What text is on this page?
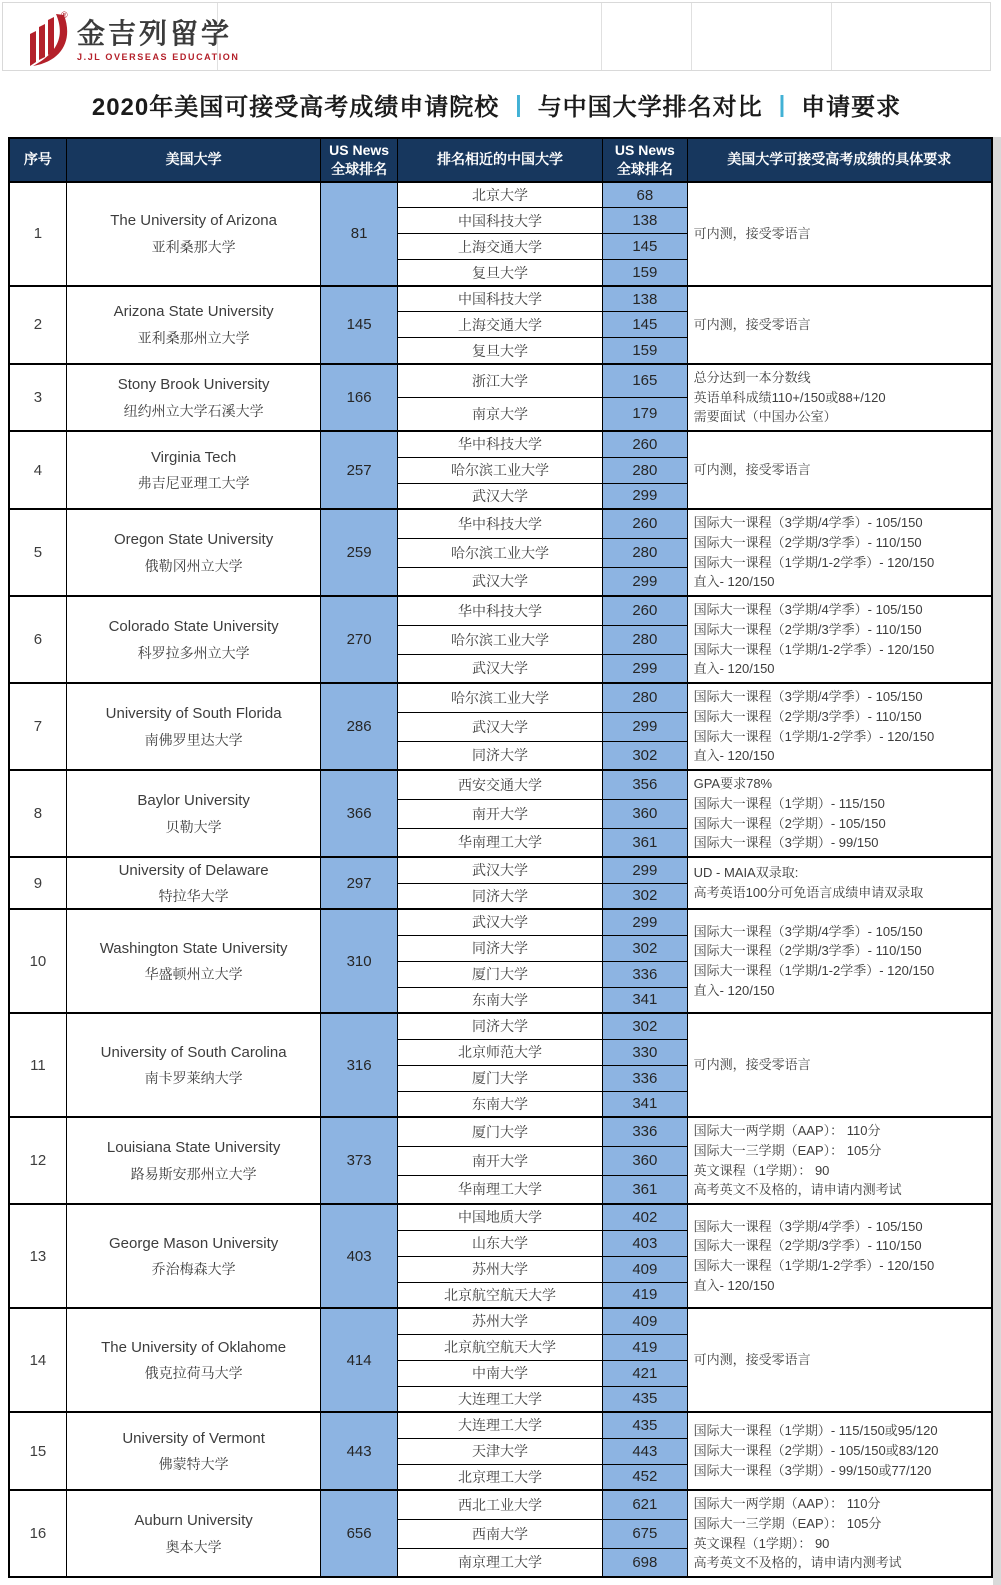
®
金吉列留学
J.JL OVERSEAS EDUCATION
2020年美国可接受高考成绩申请院校 | 与中国大学排名对比 | 申请要求
序号	美国大学	
US News
全球排名
	排名相近的中国大学	
US News
全球排名
	美国大学可接受高考成绩的具体要求
1	The University of Arizona
亚利桑那大学	81	北京大学	68	可内测，接受零语言

			中国科技大学	138	
			上海交通大学	145	
			复旦大学	159	
2	Arizona State University
亚利桑那州立大学	145	中国科技大学	138	可内测，接受零语言

			上海交通大学	145	
			复旦大学	159	
3	
Stony Brook University
纽约州立大学石溪大学
	166	浙江大学	165	总分达到一本分数线
英语单科成绩110+/150或88+/120
需要面试（中国办公室）

			南京大学	179	
4	Virginia Tech
弗吉尼亚理工大学	257	华中科技大学	260	可内测，接受零语言

			哈尔滨工业大学	280	
			武汉大学	299	
5	
Oregon State University
俄勒冈州立大学
	259	华中科技大学	260	国际大一课程（3学期/4学季）- 105/150
国际大一课程（2学期/3学季）- 110/150
国际大一课程（1学期/1-2学季）- 120/150
直入- 120/150

			哈尔滨工业大学	280	
			武汉大学	299	
6	
Colorado State University
科罗拉多州立大学
	270	华中科技大学	260	国际大一课程（3学期/4学季）- 105/150
国际大一课程（2学期/3学季）- 110/150
国际大一课程（1学期/1-2学季）- 120/150
直入- 120/150

			哈尔滨工业大学	280	
			武汉大学	299	
7	
University of South Florida
南佛罗里达大学
	286	哈尔滨工业大学	280	国际大一课程（3学期/4学季）- 105/150
国际大一课程（2学期/3学季）- 110/150
国际大一课程（1学期/1-2学季）- 120/150
直入- 120/150

			武汉大学	299	
			同济大学	302	
8	
Baylor University
贝勒大学
	366	西安交通大学	356	GPA要求78%
国际大一课程（1学期）- 115/150
国际大一课程（2学期）- 105/150
国际大一课程（3学期）- 99/150

			南开大学	360	
			华南理工大学	361	
9	
University of Delaware
特拉华大学
	297	武汉大学	299	UD - MAIA双录取:
高考英语100分可免语言成绩申请双录取

			同济大学	302	
10	
Washington State University
华盛顿州立大学
	310	武汉大学	299	
国际大一课程（3学期/4学季）- 105/150
国际大一课程（2学期/3学季）- 110/150
国际大一课程（1学期/1-2学季）- 120/150
直入- 120/150

			同济大学	302	
			厦门大学	336	
			东南大学	341	
11	University of South Carolina
南卡罗莱纳大学	316	同济大学	302	可内测，接受零语言

			北京师范大学	330	
			厦门大学	336	
			东南大学	341	
12	
Louisiana State University
路易斯安那州立大学
	373	厦门大学	336	国际大一两学期（AAP）： 110分
国际大一三学期（EAP）： 105分
英文课程（1学期）： 90
高考英文不及格的，请申请内测考试

			南开大学	360	
			华南理工大学	361	
13	
George Mason University
乔治梅森大学
	403	中国地质大学	402	
国际大一课程（3学期/4学季）- 105/150
国际大一课程（2学期/3学季）- 110/150
国际大一课程（1学期/1-2学季）- 120/150
直入- 120/150

			山东大学	403	
			苏州大学	409	
			北京航空航天大学	419	
14	The University of Oklahome
俄克拉荷马大学	414	苏州大学	409	可内测，接受零语言

			北京航空航天大学	419	
			中南大学	421	
			大连理工大学	435	
15	
University of Vermont
佛蒙特大学
	443	大连理工大学	435	国际大一课程（1学期）- 115/150或95/120
国际大一课程（2学期）- 105/150或83/120
国际大一课程（3学期）- 99/150或77/120

			天津大学	443	
			北京理工大学	452	
16	
Auburn University
奥本大学
	656	西北工业大学	621	国际大一两学期（AAP）： 110分
国际大一三学期（EAP）： 105分
英文课程（1学期）： 90
高考英文不及格的，请申请内测考试

			西南大学	675	
			南京理工大学	698	
